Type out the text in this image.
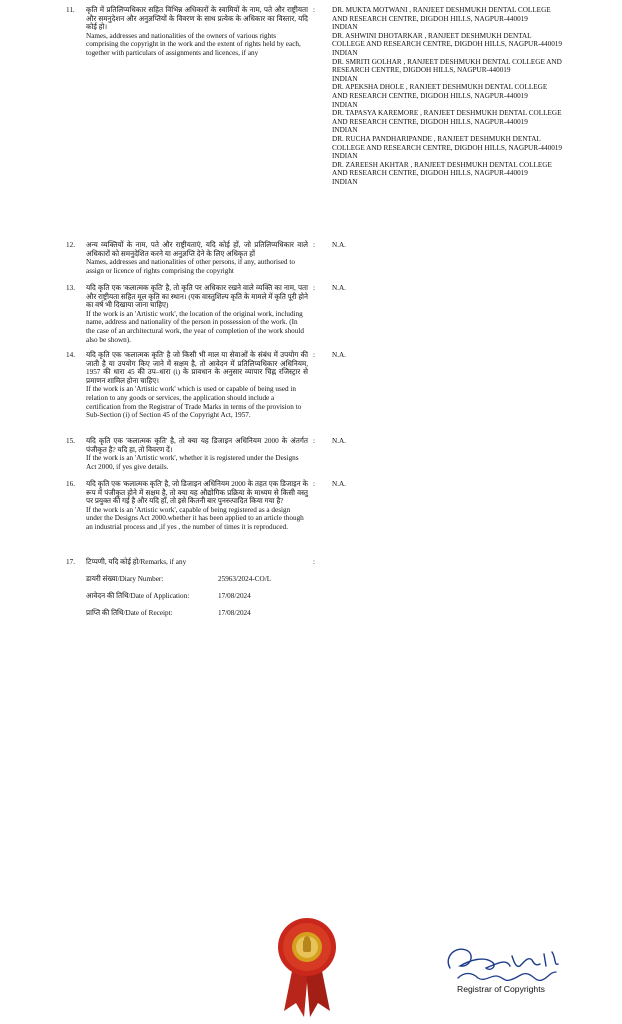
11. कृति में प्रतिलिप्यधिकार सहित विभिन्न अधिकारों के स्वामियों के नाम, पते और राष्ट्रीयता और समनुदेशन और अनुज्ञप्तियों के विवरण के साथ प्रत्येक के अधिकार का विस्तार, यदि कोई हो।

Names, addresses and nationalities of the owners of various rights comprising the copyright in the work and the extent of rights held by each, together with particulars of assignments and licences, if any

: DR. MUKTA MOTWANI , RANJEET DESHMUKH DENTAL COLLEGE AND RESEARCH CENTRE, DIGDOH HILLS, NAGPUR-440019

INDIAN

DR. ASHWINI DHOTARKAR , RANJEET DESHMUKH DENTAL COLLEGE AND RESEARCH CENTRE, DIGDOH HILLS, NAGPUR-440019

INDIAN

DR. SMRITI GOLHAR , RANJEET DESHMUKH DENTAL COLLEGE AND RESEARCH CENTRE, DIGDOH HILLS, NAGPUR-440019

INDIAN

DR. APEKSHA DHOLE , RANJEET DESHMUKH DENTAL COLLEGE AND RESEARCH CENTRE, DIGDOH HILLS, NAGPUR-440019

INDIAN

DR. TAPASYA KAREMORE , RANJEET DESHMUKH DENTAL COLLEGE AND RESEARCH CENTRE, DIGDOH HILLS, NAGPUR-440019

INDIAN

DR. RUCHA PANDHARIPANDE , RANJEET DESHMUKH DENTAL COLLEGE AND RESEARCH CENTRE, DIGDOH HILLS, NAGPUR-440019

INDIAN

DR. ZAREESH AKHTAR , RANJEET DESHMUKH DENTAL COLLEGE AND RESEARCH CENTRE, DIGDOH HILLS, NAGPUR-440019

INDIAN

12. अन्य व्यक्तियों के नाम, पते और राष्ट्रीयताएं, यदि कोई हों, जो प्रतिलिप्यधिकार वाले अधिकारों को समनुदेशित करने या अनुज्ञप्ति देने के लिए अधिकृत हों

Names, addresses and nationalities of other persons, if any, authorised to assign or licence of rights comprising the copyright

: N.A.

13. यदि कृति एक 'कलात्मक कृति' है, तो कृति पर अधिकार रखने वाले व्यक्ति का नाम, पता और राष्ट्रीयता सहित मूल कृति का स्थान। (एक वास्तुशिल्प कृति के मामले में कृति पूरी होने का वर्ष भी दिखाया जाना चाहिए)

If the work is an 'Artistic work', the location of the original work, including name, address and nationality of the person in possession of the work. (In the case of an architectural work, the year of completion of the work should also be shown).

: N.A.

14. यदि कृति एक 'कलात्मक कृति' है जो किसी भी माल या सेवाओं के संबंध में उपयोग की जाती है या उपयोग किए जाने में सक्षम है, तो आवेदन में प्रतिलिप्यधिकार अधिनियम, 1957 की धारा 45 की उप–धारा (i) के प्रावधान के अनुसार व्यापार चिह्न रजिस्ट्रार से प्रमाणन शामिल होना चाहिए।

If the work is an 'Artistic work' which is used or capable of being used in relation to any goods or services, the application should include a certification from the Registrar of Trade Marks in terms of the provision to Sub-Section (i) of Section 45 of the Copyright Act, 1957.

: N.A.

15. यदि कृति एक 'कलात्मक कृति' है, तो क्या यह डिजाइन अधिनियम 2000 के अंतर्गत पंजीकृत है? यदि हा, तो विवरण दें।

If the work is an 'Artistic work', whether it is registered under the Designs Act 2000, if yes give details.

: N.A.

16. यदि कृति एक 'कलात्मक कृति' है, जो डिजाइन अधिनियम 2000 के तहत एक डिजाइन के रूप में पंजीकृत होने में सक्षम है, तो क्या यह औद्योगिक प्रक्रिया के माध्यम से किसी वस्तु पर प्रयुक्त की गई है और यदि हाँ, तो इसे कितनी बार पुनरुत्पादित किया गया है?

If the work is an 'Artistic work', capable of being registered as a design under the Designs Act 2000.whether it has been applied to an article though an industrial process and ,if yes , the number of times it is reproduced.

: N.A.

17. टिप्पणी, यदि कोई हो/Remarks, if any	:
डायरी संख्या/Diary Number:	25963/2024-CO/L
आवेदन की तिथि/Date of Application:	17/08/2024
प्राप्ति की तिथि/Date of Receipt:	17/08/2024
Registrar of Copyrights
